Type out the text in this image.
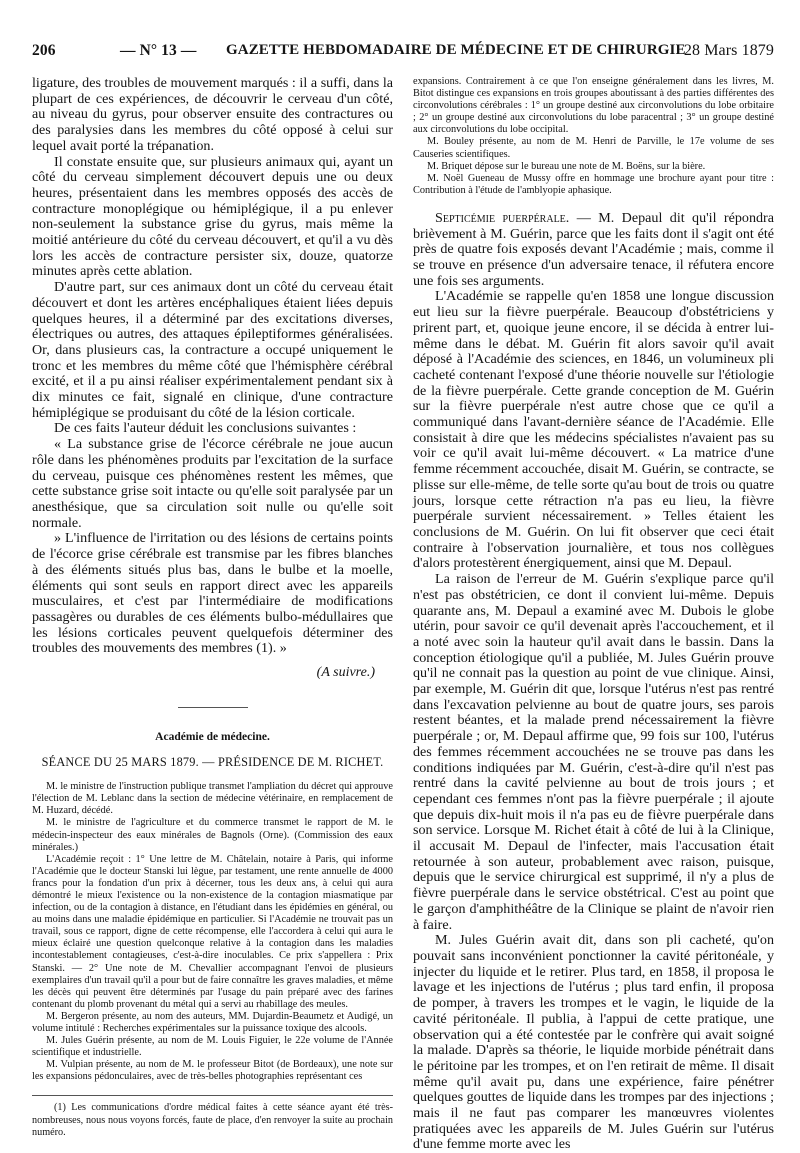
206	— N° 13 — GAZETTE HEBDOMADAIRE DE MÉDECINE ET DE CHIRURGIE
28 Mars 1879

ligature, des troubles de mouvement marqués : il a suffi, dans la plupart de ces expériences, de découvrir le cerveau d'un côté, au niveau du gyrus, pour observer ensuite des contractures ou des paralysies dans les membres du côté opposé à celui sur lequel avait porté la trépanation.

Il constate ensuite que, sur plusieurs animaux qui, ayant un côté du cerveau simplement découvert depuis une ou deux heures, présentaient dans les membres opposés des accès de contracture monoplégique ou hémiplégique, il a pu enlever non-seulement la substance grise du gyrus, mais même la moitié antérieure du côté du cerveau découvert, et qu'il a vu dès lors les accès de contracture persister six, douze, quatorze minutes après cette ablation.

D'autre part, sur ces animaux dont un côté du cerveau était découvert et dont les artères encéphaliques étaient liées depuis quelques heures, il a déterminé par des excitations diverses, électriques ou autres, des attaques épileptiformes généralisées. Or, dans plusieurs cas, la contracture a occupé uniquement le tronc et les membres du même côté que l'hémisphère cérébral excité, et il a pu ainsi réaliser expérimentalement pendant six à dix minutes ce fait, signalé en clinique, d'une contracture hémiplégique se produisant du côté de la lésion corticale.

De ces faits l'auteur déduit les conclusions suivantes :

« La substance grise de l'écorce cérébrale ne joue aucun rôle dans les phénomènes produits par l'excitation de la surface du cerveau, puisque ces phénomènes restent les mêmes, que cette substance grise soit intacte ou qu'elle soit paralysée par un anesthésique, que sa circulation soit nulle ou qu'elle soit normale.

» L'influence de l'irritation ou des lésions de certains points de l'écorce grise cérébrale est transmise par les fibres blanches à des éléments situés plus bas, dans le bulbe et la moelle, éléments qui sont seuls en rapport direct avec les appareils musculaires, et c'est par l'intermédiaire de modifications passagères ou durables de ces éléments bulbo-médullaires que les lésions corticales peuvent quelquefois déterminer des troubles des mouvements des membres (1). »

(A suivre.)
Académie de médecine.
SÉANCE DU 25 MARS 1879. — PRÉSIDENCE DE M. RICHET.

M. le ministre de l'instruction publique transmet l'ampliation du décret qui approuve l'élection de M. Leblanc dans la section de médecine vétérinaire, en remplacement de M. Huzard, décédé.

M. le ministre de l'agriculture et du commerce transmet le rapport de M. le médecin-inspecteur des eaux minérales de Bagnols (Orne). (Commission des eaux minérales.)

L'Académie reçoit : 1° Une lettre de M. Châtelain, notaire à Paris, qui informe l'Académie que le docteur Stanski lui lègue, par testament, une rente annuelle de 4000 francs pour la fondation d'un prix à décerner, tous les deux ans, à celui qui aura démontré le mieux l'existence ou la non-existence de la contagion miasmatique par infection, ou de la contagion à distance, en l'étudiant dans les épidémies en général, ou au moins dans une maladie épidémique en particulier. Si l'Académie ne trouvait pas un travail, sous ce rapport, digne de cette récompense, elle l'accordera à celui qui aura le mieux éclairé une question quelconque relative à la contagion dans les maladies incontestablement contagieuses, c'est-à-dire inoculables. Ce prix s'appellera : Prix Stanski. — 2° Une note de M. Chevallier accompagnant l'envoi de plusieurs exemplaires d'un travail qu'il a pour but de faire connaître les graves maladies, et même les décès qui peuvent être déterminés par l'usage du pain préparé avec des farines contenant du plomb provenant du métal qui a servi au rhabillage des meules.

M. Bergeron présente, au nom des auteurs, MM. Dujardin-Beaumetz et Audigé, un volume intitulé : Recherches expérimentales sur la puissance toxique des alcools.

M. Jules Guérin présente, au nom de M. Louis Figuier, le 22e volume de l'Année scientifique et industrielle.

M. Vulpian présente, au nom de M. le professeur Bitot (de Bordeaux), une note sur les expansions pédonculaires, avec de très-belles photographies représentant ces

(1) Les communications d'ordre médical faites à cette séance ayant été très-nombreuses, nous nous voyons forcés, faute de place, d'en renvoyer la suite au prochain numéro.

expansions. Contrairement à ce que l'on enseigne généralement dans les livres, M. Bitot distingue ces expansions en trois groupes aboutissant à des parties différentes des circonvolutions cérébrales : 1° un groupe destiné aux circonvolutions du lobe orbitaire ; 2° un groupe destiné aux circonvolutions du lobe paracentral ; 3° un groupe destiné aux circonvolutions du lobe occipital.

M. Bouley présente, au nom de M. Henri de Parville, le 17e volume de ses Causeries scientifiques.

M. Briquet dépose sur le bureau une note de M. Boëns, sur la bière.

M. Noël Gueneau de Mussy offre en hommage une brochure ayant pour titre : Contribution à l'étude de l'amblyopie aphasique.

Septicémie puerpérale. — M. Depaul dit qu'il répondra brièvement à M. Guérin, parce que les faits dont il s'agit ont été près de quatre fois exposés devant l'Académie ; mais, comme il se trouve en présence d'un adversaire tenace, il réfutera encore une fois ses arguments.

L'Académie se rappelle qu'en 1858 une longue discussion eut lieu sur la fièvre puerpérale. Beaucoup d'obstétriciens y prirent part, et, quoique jeune encore, il se décida à entrer lui-même dans le débat. M. Guérin fit alors savoir qu'il avait déposé à l'Académie des sciences, en 1846, un volumineux pli cacheté contenant l'exposé d'une théorie nouvelle sur l'étiologie de la fièvre puerpérale. Cette grande conception de M. Guérin sur la fièvre puerpérale n'est autre chose que ce qu'il a communiqué dans l'avant-dernière séance de l'Académie. Elle consistait à dire que les médecins spécialistes n'avaient pas su voir ce qu'il avait lui-même découvert. « La matrice d'une femme récemment accouchée, disait M. Guérin, se contracte, se plisse sur elle-même, de telle sorte qu'au bout de trois ou quatre jours, lorsque cette rétraction n'a pas eu lieu, la fièvre puerpérale survient nécessairement. » Telles étaient les conclusions de M. Guérin. On lui fit observer que ceci était contraire à l'observation journalière, et tous nos collègues d'alors protestèrent énergiquement, ainsi que M. Depaul.

La raison de l'erreur de M. Guérin s'explique parce qu'il n'est pas obstétricien, ce dont il convient lui-même. Depuis quarante ans, M. Depaul a examiné avec M. Dubois le globe utérin, pour savoir ce qu'il devenait après l'accouchement, et il a noté avec soin la hauteur qu'il avait dans le bassin. Dans la conception étiologique qu'il a publiée, M. Jules Guérin prouve qu'il ne connait pas la question au point de vue clinique. Ainsi, par exemple, M. Guérin dit que, lorsque l'utérus n'est pas rentré dans l'excavation pelvienne au bout de quatre jours, ses parois restent béantes, et la malade prend nécessairement la fièvre puerpérale ; or, M. Depaul affirme que, 99 fois sur 100, l'utérus des femmes récemment accouchées ne se trouve pas dans les conditions indiquées par M. Guérin, c'est-à-dire qu'il n'est pas rentré dans la cavité pelvienne au bout de trois jours ; et cependant ces femmes n'ont pas la fièvre puerpérale ; il ajoute que depuis dix-huit mois il n'a pas eu de fièvre puerpérale dans son service. Lorsque M. Richet était à côté de lui à la Clinique, il accusait M. Depaul de l'infecter, mais l'accusation était retournée à son auteur, probablement avec raison, puisque, depuis que le service chirurgical est supprimé, il n'y a plus de fièvre puerpérale dans le service obstétrical. C'est au point que le garçon d'amphithéâtre de la Clinique se plaint de n'avoir rien à faire.

M. Jules Guérin avait dit, dans son pli cacheté, qu'on pouvait sans inconvénient ponctionner la cavité péritonéale, y injecter du liquide et le retirer. Plus tard, en 1858, il proposa le lavage et les injections de l'utérus ; plus tard enfin, il proposa de pomper, à travers les trompes et le vagin, le liquide de la cavité péritonéale. Il publia, à l'appui de cette pratique, une observation qui a été contestée par le confrère qui avait soigné la malade. D'après sa théorie, le liquide morbide pénétrait dans le péritoine par les trompes, et on l'en retirait de même. Il disait même qu'il avait pu, dans une expérience, faire pénétrer quelques gouttes de liquide dans les trompes par des injections ; mais il ne faut pas comparer les manœuvres violentes pratiquées avec les appareils de M. Jules Guérin sur l'utérus d'une femme morte avec les
